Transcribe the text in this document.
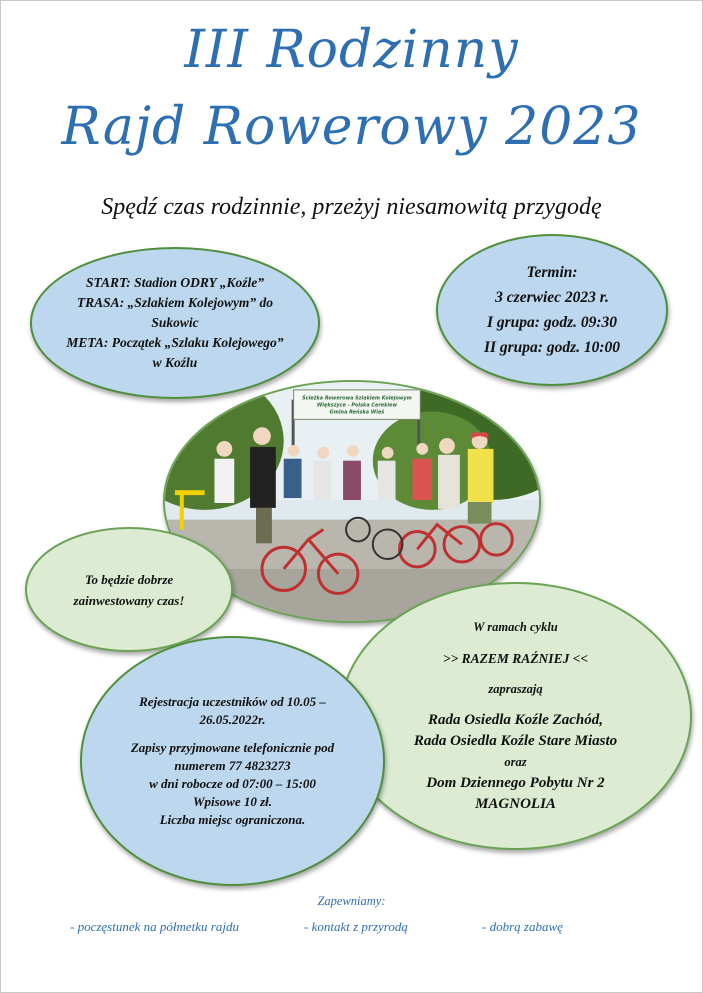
III Rodzinny
Rajd Rowerowy 2023
Spędź czas rodzinnie, przeżyj niesamowitą przygodę

START: Stadion ODRY „Koźle”

TRASA: „Szlakiem Kolejowym” do Sukowic

META: Początek „Szlaku Kolejowego” w Koźlu

Termin:

3 czerwiec 2023 r.

I grupa: godz. 09:30

II grupa: godz. 10:00

Ścieżka Rowerowa Szlakiem Kolejowym
Większyce - Polska Cerekiew
Gmina Reńska Wieś

To będzie dobrze zainwestowany czas!

W ramach cyklu

>> RAZEM RAŹNIEJ <<

zapraszają

Rada Osiedla Koźle Zachód,

Rada Osiedla Koźle Stare Miasto

oraz

Dom Dziennego Pobytu Nr 2

MAGNOLIA

Rejestracja uczestników od 10.05 – 26.05.2022r.

Zapisy przyjmowane telefonicznie pod numerem 77 4823273

w dni robocze od 07:00 – 15:00

Wpisowe 10 zł.

Liczba miejsc ograniczona.

Zapewniamy:
- poczęstunek na półmetku rajdu	- kontakt z przyrodą	- dobrą zabawę
